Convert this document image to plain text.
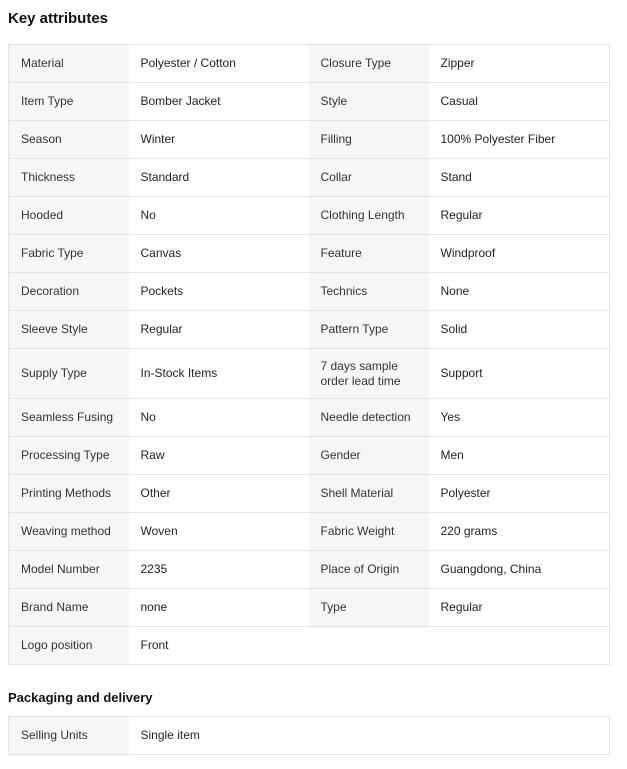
Key attributes
Material	Polyester / Cotton	Closure Type	Zipper
Item Type	Bomber Jacket	Style	Casual
Season	Winter	Filling	100% Polyester Fiber
Thickness	Standard	Collar	Stand
Hooded	No	Clothing Length	Regular
Fabric Type	Canvas	Feature	Windproof
Decoration	Pockets	Technics	None
Sleeve Style	Regular	Pattern Type	Solid
Supply Type	In-Stock Items	7 days sample order lead time	Support
Seamless Fusing	No	Needle detection	Yes
Processing Type	Raw	Gender	Men
Printing Methods	Other	Shell Material	Polyester
Weaving method	Woven	Fabric Weight	220 grams
Model Number	2235	Place of Origin	Guangdong, China
Brand Name	none	Type	Regular
Logo position	Front		
Packaging and delivery
Selling Units	Single item		
